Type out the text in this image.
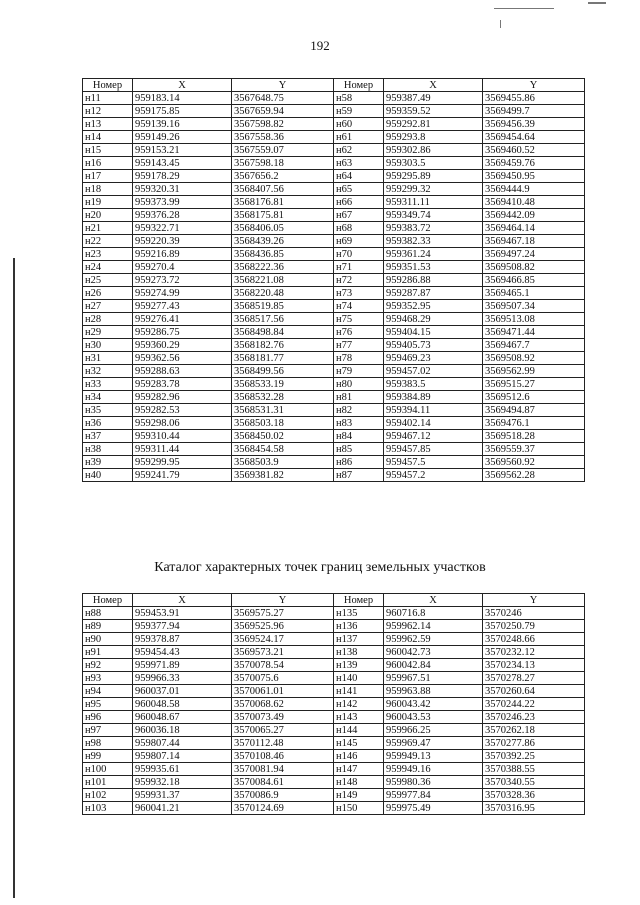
192
Номер	X	Y	Номер	X	Y
н11	959183.14	3567648.75	н58	959387.49	3569455.86
н12	959175.85	3567659.94	н59	959359.52	3569499.7
н13	959139.16	3567598.82	н60	959292.81	3569456.39
н14	959149.26	3567558.36	н61	959293.8	3569454.64
н15	959153.21	3567559.07	н62	959302.86	3569460.52
н16	959143.45	3567598.18	н63	959303.5	3569459.76
н17	959178.29	3567656.2	н64	959295.89	3569450.95
н18	959320.31	3568407.56	н65	959299.32	3569444.9
н19	959373.99	3568176.81	н66	959311.11	3569410.48
н20	959376.28	3568175.81	н67	959349.74	3569442.09
н21	959322.71	3568406.05	н68	959383.72	3569464.14
н22	959220.39	3568439.26	н69	959382.33	3569467.18
н23	959216.89	3568436.85	н70	959361.24	3569497.24
н24	959270.4	3568222.36	н71	959351.53	3569508.82
н25	959273.72	3568221.08	н72	959286.88	3569466.85
н26	959274.99	3568220.48	н73	959287.87	3569465.1
н27	959277.43	3568519.85	н74	959352.95	3569507.34
н28	959276.41	3568517.56	н75	959468.29	3569513.08
н29	959286.75	3568498.84	н76	959404.15	3569471.44
н30	959360.29	3568182.76	н77	959405.73	3569467.7
н31	959362.56	3568181.77	н78	959469.23	3569508.92
н32	959288.63	3568499.56	н79	959457.02	3569562.99
н33	959283.78	3568533.19	н80	959383.5	3569515.27
н34	959282.96	3568532.28	н81	959384.89	3569512.6
н35	959282.53	3568531.31	н82	959394.11	3569494.87
н36	959298.06	3568503.18	н83	959402.14	3569476.1
н37	959310.44	3568450.02	н84	959467.12	3569518.28
н38	959311.44	3568454.58	н85	959457.85	3569559.37
н39	959299.95	3568503.9	н86	959457.5	3569560.92
н40	959241.79	3569381.82	н87	959457.2	3569562.28
Каталог характерных точек границ земельных участков
Номер	X	Y	Номер	X	Y
н88	959453.91	3569575.27	н135	960716.8	3570246
н89	959377.94	3569525.96	н136	959962.14	3570250.79
н90	959378.87	3569524.17	н137	959962.59	3570248.66
н91	959454.43	3569573.21	н138	960042.73	3570232.12
н92	959971.89	3570078.54	н139	960042.84	3570234.13
н93	959966.33	3570075.6	н140	959967.51	3570278.27
н94	960037.01	3570061.01	н141	959963.88	3570260.64
н95	960048.58	3570068.62	н142	960043.42	3570244.22
н96	960048.67	3570073.49	н143	960043.53	3570246.23
н97	960036.18	3570065.27	н144	959966.25	3570262.18
н98	959807.44	3570112.48	н145	959969.47	3570277.86
н99	959807.14	3570108.46	н146	959949.13	3570392.25
н100	959935.61	3570081.94	н147	959949.16	3570388.55
н101	959932.18	3570084.61	н148	959980.36	3570340.55
н102	959931.37	3570086.9	н149	959977.84	3570328.36
н103	960041.21	3570124.69	н150	959975.49	3570316.95
